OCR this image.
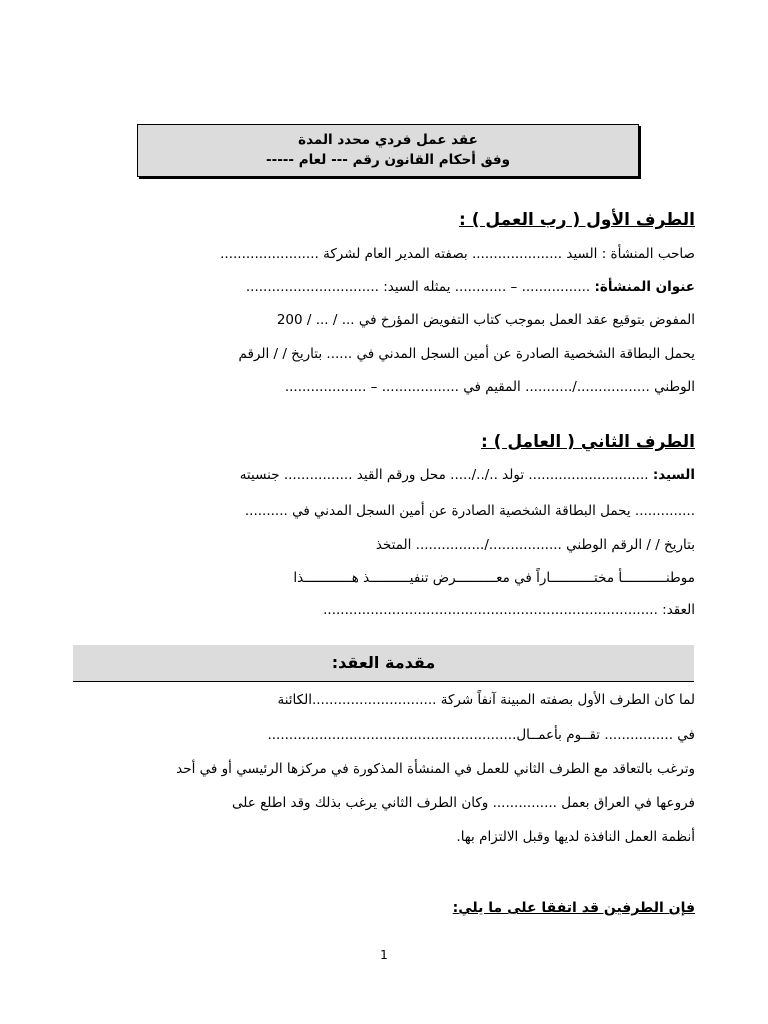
عقد عمل فردي محدد المدة
وفق أحكام القانون رقم --- لعام -----
الطرف الأول ( رب العمل ) :
صاحب المنشأة : السيد ..................... بصفته المدير العام لشركة .......................
عنوان المنشأة: ................ – ............ يمثله السيد: ...............................
المفوض بتوقيع عقد العمل بموجب كتاب التفويض المؤرخ في ... / ... / 200
يحمل البطاقة الشخصية الصادرة عن أمين السجل المدني في ...... بتاريخ / / الرقم
الوطني ................./........... المقيم في .................. – ...................
الطرف الثاني ( العامل ) :
السيد: ............................ تولد ../../..... محل ورقم القيد ................ جنسيته
.............. يحمل البطاقة الشخصية الصادرة عن أمين السجل المدني في ..........
بتاريخ / / الرقم الوطني ................./................ المتخذ
موطنـــــــــــأ مختـــــــــــاراً في معــــــــــرض تنفيــــــــــذ هــــــــــــذا
العقد: ..............................................................................
مقدمة العقد:
لما كان الطرف الأول بصفته المبينة آنفاً شركة .............................الكائنة
في ................ تقــوم بأعمــال..........................................................
وترغب بالتعاقد مع الطرف الثاني للعمل في المنشأة المذكورة في مركزها الرئيسي أو في أحد
فروعها في العراق بعمل ............... وكان الطرف الثاني يرغب بذلك وقد اطلع على
أنظمة العمل النافذة لديها وقبل الالتزام بها.
فإن الطرفين قد اتفقا على ما يلي:
1
